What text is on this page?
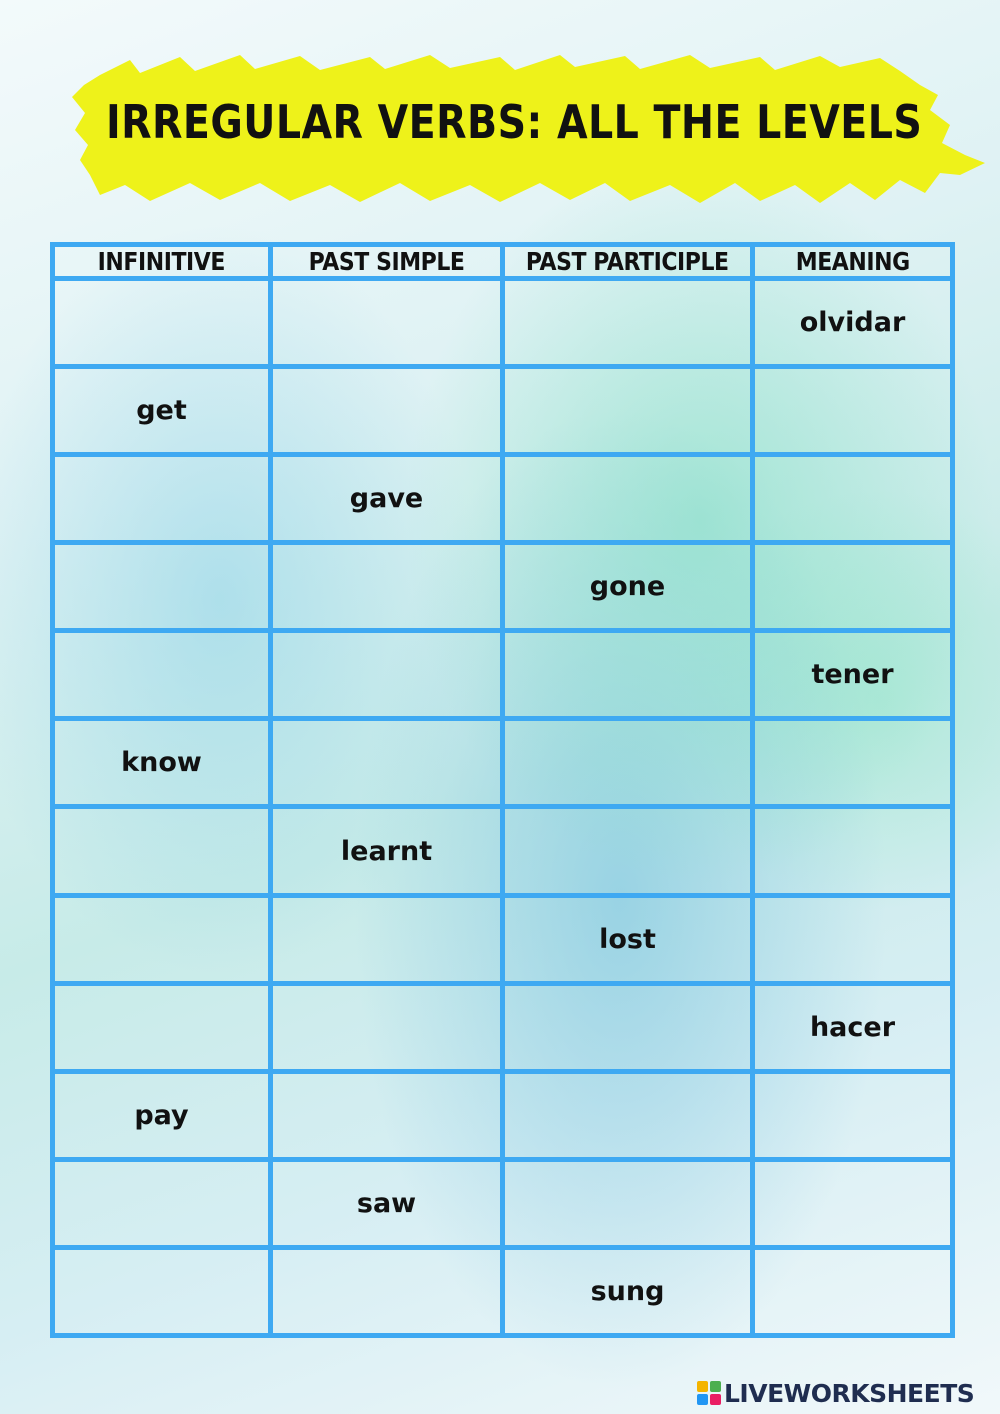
IRREGULAR VERBS: ALL THE LEVELS
INFINITIVE	PAST SIMPLE	PAST PARTICIPLE	MEANING
			olvidar
get			
	gave		
		gone	
			tener
know			
	learnt		
		lost	
			hacer
pay			
	saw		
		sung	
LIVEWORKSHEETS
